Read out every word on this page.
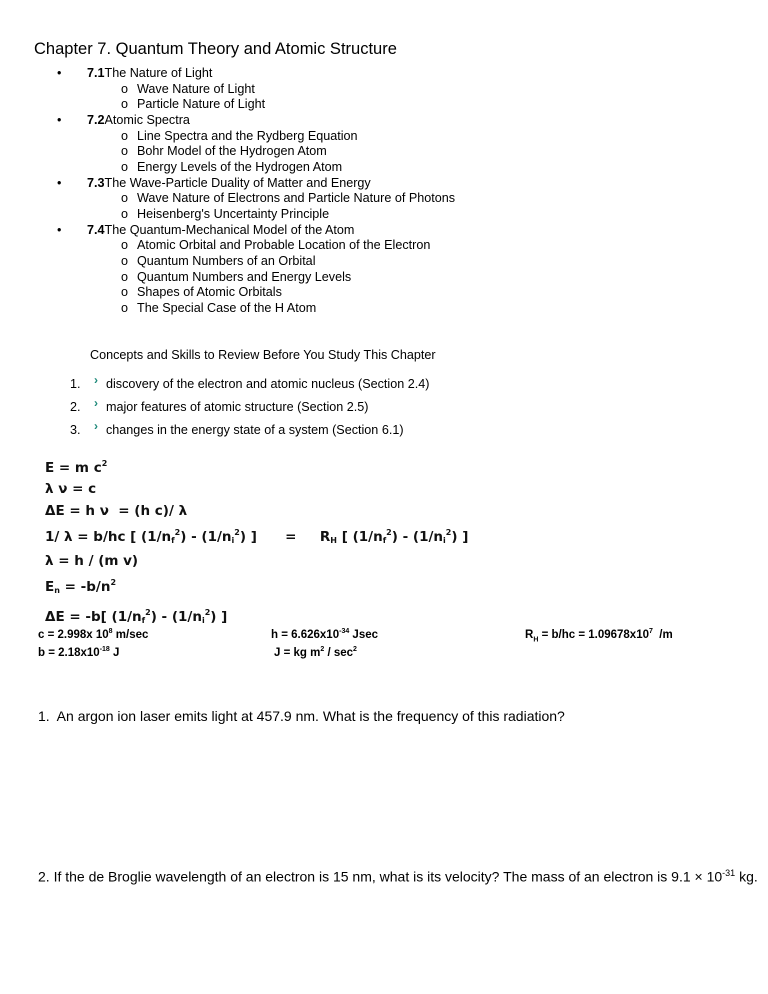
Chapter 7. Quantum Theory and Atomic Structure
• 7.1The Nature of Light
o Wave Nature of Light
o Particle Nature of Light
• 7.2Atomic Spectra
o Line Spectra and the Rydberg Equation
o Bohr Model of the Hydrogen Atom
o Energy Levels of the Hydrogen Atom
• 7.3The Wave-Particle Duality of Matter and Energy
o Wave Nature of Electrons and Particle Nature of Photons
o Heisenberg's Uncertainty Principle
• 7.4The Quantum-Mechanical Model of the Atom
o Atomic Orbital and Probable Location of the Electron
o Quantum Numbers of an Orbital
o Quantum Numbers and Energy Levels
o Shapes of Atomic Orbitals
o The Special Case of the H Atom
Concepts and Skills to Review Before You Study This Chapter
1. › discovery of the electron and atomic nucleus (Section 2.4)
2. › major features of atomic structure (Section 2.5)
3. › changes in the energy state of a system (Section 6.1)
E = m $c^2$
λ ν = c
ΔE = h ν  = (h c)/ λ
1/ λ = b/hc [ $(1/n_f^2) - (1/n_i^2)$ ]      =     $R_H$ [ $(1/n_f^2) - (1/n_i^2)$ ]
λ = h / (m v)
$E_n = -b/n^2$
ΔE = -b[ $(1/n_f^2) - (1/n_i^2)$ ]
c = 2.998x $10^8$ m/sec
$b = 2.18x10^{-18}$ J
$h = 6.626x10^{-34}$ Jsec
J = kg $m^2 / \sec^2$
$R_H = b/hc = 1.09678x10^7$  /m
1.  An argon ion laser emits light at 457.9 nm. What is the frequency of this radiation?
2. If the de Broglie wavelength of an electron is 15 nm, what is its velocity? The mass of an electron is $9.1 \times 10^{-31}$ kg.
